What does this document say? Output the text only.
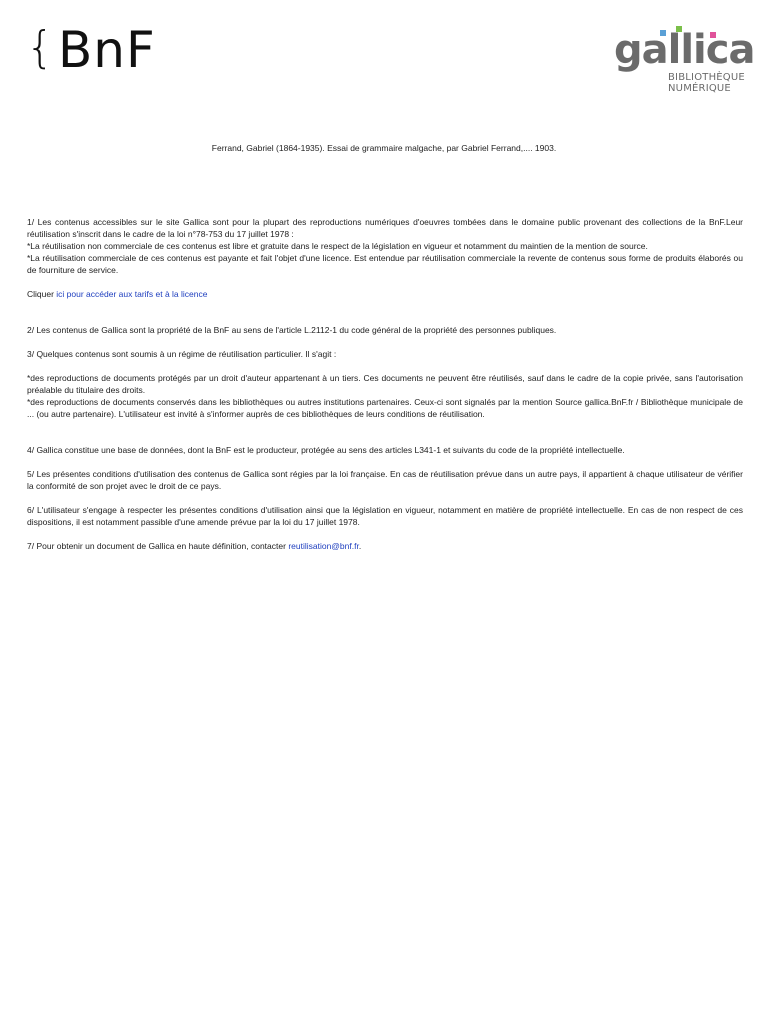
{ BnF	gallica
BIBLIOTHÈQUE
NUMÉRIQUE
Ferrand, Gabriel (1864-1935). Essai de grammaire malgache, par Gabriel Ferrand,.... 1903.

1/ Les contenus accessibles sur le site Gallica sont pour la plupart des reproductions numériques d'oeuvres tombées dans le domaine public provenant des collections de la BnF.Leur réutilisation s'inscrit dans le cadre de la loi n°78-753 du 17 juillet 1978 :

*La réutilisation non commerciale de ces contenus est libre et gratuite dans le respect de la législation en vigueur et notamment du maintien de la mention de source.

*La réutilisation commerciale de ces contenus est payante et fait l'objet d'une licence. Est entendue par réutilisation commerciale la revente de contenus sous forme de produits élaborés ou de fourniture de service.

Cliquer ici pour accéder aux tarifs et à la licence

2/ Les contenus de Gallica sont la propriété de la BnF au sens de l'article L.2112-1 du code général de la propriété des personnes publiques.

3/ Quelques contenus sont soumis à un régime de réutilisation particulier. Il s'agit :

*des reproductions de documents protégés par un droit d'auteur appartenant à un tiers. Ces documents ne peuvent être réutilisés, sauf dans le cadre de la copie privée, sans l'autorisation préalable du titulaire des droits.

*des reproductions de documents conservés dans les bibliothèques ou autres institutions partenaires. Ceux-ci sont signalés par la mention Source gallica.BnF.fr / Bibliothèque municipale de ... (ou autre partenaire). L'utilisateur est invité à s'informer auprès de ces bibliothèques de leurs conditions de réutilisation.

4/ Gallica constitue une base de données, dont la BnF est le producteur, protégée au sens des articles L341-1 et suivants du code de la propriété intellectuelle.

5/ Les présentes conditions d'utilisation des contenus de Gallica sont régies par la loi française. En cas de réutilisation prévue dans un autre pays, il appartient à chaque utilisateur de vérifier la conformité de son projet avec le droit de ce pays.

6/ L'utilisateur s'engage à respecter les présentes conditions d'utilisation ainsi que la législation en vigueur, notamment en matière de propriété intellectuelle. En cas de non respect de ces dispositions, il est notamment passible d'une amende prévue par la loi du 17 juillet 1978.

7/ Pour obtenir un document de Gallica en haute définition, contacter reutilisation@bnf.fr.
